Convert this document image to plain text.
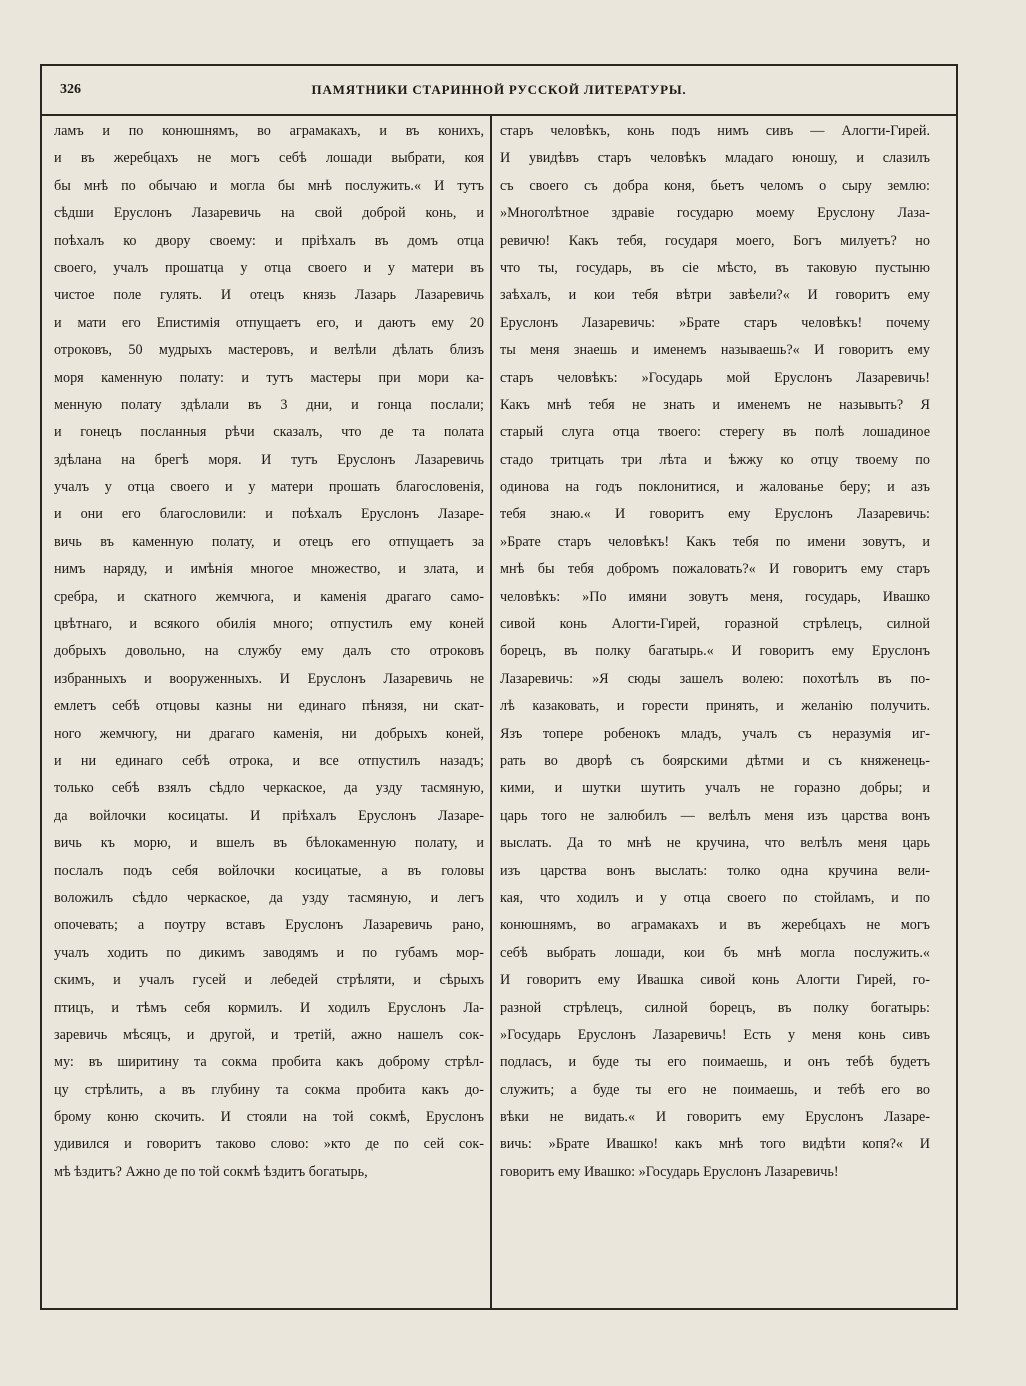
326	ПАМЯТНИКИ СТАРИННОЙ РУССКОЙ ЛИТЕРАТУРЫ.
ламъ и по конюшнямъ, во аграмакахъ, и въ конихъ,
и въ жеребцахъ не могъ себѣ лошади выбрати, коя
бы мнѣ по обычаю и могла бы мнѣ послужить.« И тутъ
сѣдши Еруслонъ Лазаревичь на свой доброй конь, и
поѣхалъ ко двору своему: и пріѣхалъ въ домъ отца
своего, учалъ прошатца у отца своего и у матери въ
чистое поле гулять. И отецъ князь Лазарь Лазаревичь
и мати его Епистимія отпущаетъ его, и даютъ ему 20
отроковъ, 50 мудрыхъ мастеровъ, и велѣли дѣлать близъ
моря каменную полату: и тутъ мастеры при мори ка-
менную полату здѣлали въ 3 дни, и гонца послали;
и гонецъ посланныя рѣчи сказалъ, что де та полата
здѣлана на брегѣ моря. И тутъ Еруслонъ Лазаревичь
учалъ у отца своего и у матери прошать благословенія,
и они его благословили: и поѣхалъ Еруслонъ Лазаре-
вичь въ каменную полату, и отецъ его отпущаетъ за
нимъ наряду, и имѣнія многое множество, и злата, и
сребра, и скатного жемчюга, и каменія драгаго само-
цвѣтнаго, и всякого обилія много; отпустилъ ему коней
добрыхъ довольно, на службу ему далъ сто отроковъ
избранныхъ и вооруженныхъ. И Еруслонъ Лазаревичь не
емлетъ себѣ отцовы казны ни единаго пѣнязя, ни скат-
ного жемчюгу, ни драгаго каменія, ни добрыхъ коней,
и ни единаго себѣ отрока, и все отпустилъ назадъ;
только себѣ взялъ сѣдло черкаское, да узду тасмяную,
да войлочки косицаты. И пріѣхалъ Еруслонъ Лазаре-
вичь къ морю, и вшелъ въ бѣлокаменную полату, и
послалъ подъ себя войлочки косицатые, а въ головы
воложилъ сѣдло черкаское, да узду тасмяную, и легъ
опочевать; а поутру вставъ Еруслонъ Лазаревичь рано,
учалъ ходить по дикимъ заводямъ и по губамъ мор-
скимъ, и учалъ гусей и лебедей стрѣляти, и сѣрыхъ
птицъ, и тѣмъ себя кормилъ. И ходилъ Еруслонъ Ла-
заревичь мѣсяцъ, и другой, и третій, ажно нашелъ сок-
му: въ ширитину та сокма пробита какъ доброму стрѣл-
цу стрѣлить, а въ глубину та сокма пробита какъ до-
брому коню скочить. И стояли на той сокмѣ, Еруслонъ
удивился и говоритъ таково слово: »кто де по сей сок-
мѣ ѣздитъ? Ажно де по той сокмѣ ѣздитъ богатырь,
старъ человѣкъ, конь подъ нимъ сивъ — Алогти-Гирей.
И увидѣвъ старъ человѣкъ младаго юношу, и слазилъ
съ своего съ добра коня, бьетъ челомъ о сыру землю:
»Многолѣтное здравіе государю моему Еруслону Лаза-
ревичю! Какъ тебя, государя моего, Богъ милуетъ? но
что ты, государь, въ сіе мѣсто, въ таковую пустыню
заѣхалъ, и кои тебя вѣтри завѣели?« И говоритъ ему
Еруслонъ Лазаревичь: »Брате старъ человѣкъ! почему
ты меня знаешь и именемъ называешь?« И говоритъ ему
старъ человѣкъ: »Государь мой Еруслонъ Лазаревичь!
Какъ мнѣ тебя не знать и именемъ не назывыть? Я
старый слуга отца твоего: стерегу въ полѣ лошадиное
стадо тритцать три лѣта и ѣжжу ко отцу твоему по
одинова на годъ поклонитися, и жалованье беру; и азъ
тебя знаю.« И говоритъ ему Еруслонъ Лазаревичь:
»Брате старъ человѣкъ! Какъ тебя по имени зовутъ, и
мнѣ бы тебя добромъ пожаловать?« И говоритъ ему старъ
человѣкъ: »По имяни зовутъ меня, государь, Ивашко
сивой конь Алогти-Гирей, горазной стрѣлецъ, силной
борецъ, въ полку багатырь.« И говоритъ ему Еруслонъ
Лазаревичь: »Я сюды зашелъ волею: похотѣлъ въ по-
лѣ казаковать, и горести принять, и желанію получить.
Язъ топере робенокъ младъ, учалъ съ неразумія иг-
рать во дворѣ съ боярскими дѣтми и съ княженець-
кими, и шутки шутить учалъ не горазно добры; и
царь того не залюбилъ — велѣлъ меня изъ царства вонъ
выслать. Да то мнѣ не кручина, что велѣлъ меня царь
изъ царства вонъ выслать: толко одна кручина вели-
кая, что ходилъ и у отца своего по стойламъ, и по
конюшнямъ, во аграмакахъ и въ жеребцахъ не могъ
себѣ выбрать лошади, кои бъ мнѣ могла послужить.«
И говоритъ ему Ивашка сивой конь Алогти Гирей, го-
разной стрѣлецъ, силной борецъ, въ полку богатырь:
»Государь Еруслонъ Лазаревичь! Есть у меня конь сивъ
подласъ, и буде ты его поимаешь, и онъ тебѣ будетъ
служить; а буде ты его не поимаешь, и тебѣ его во
вѣки не видать.« И говоритъ ему Еруслонъ Лазаре-
вичь: »Брате Ивашко! какъ мнѣ того видѣти копя?« И
говоритъ ему Ивашко: »Государь Еруслонъ Лазаревичь!
